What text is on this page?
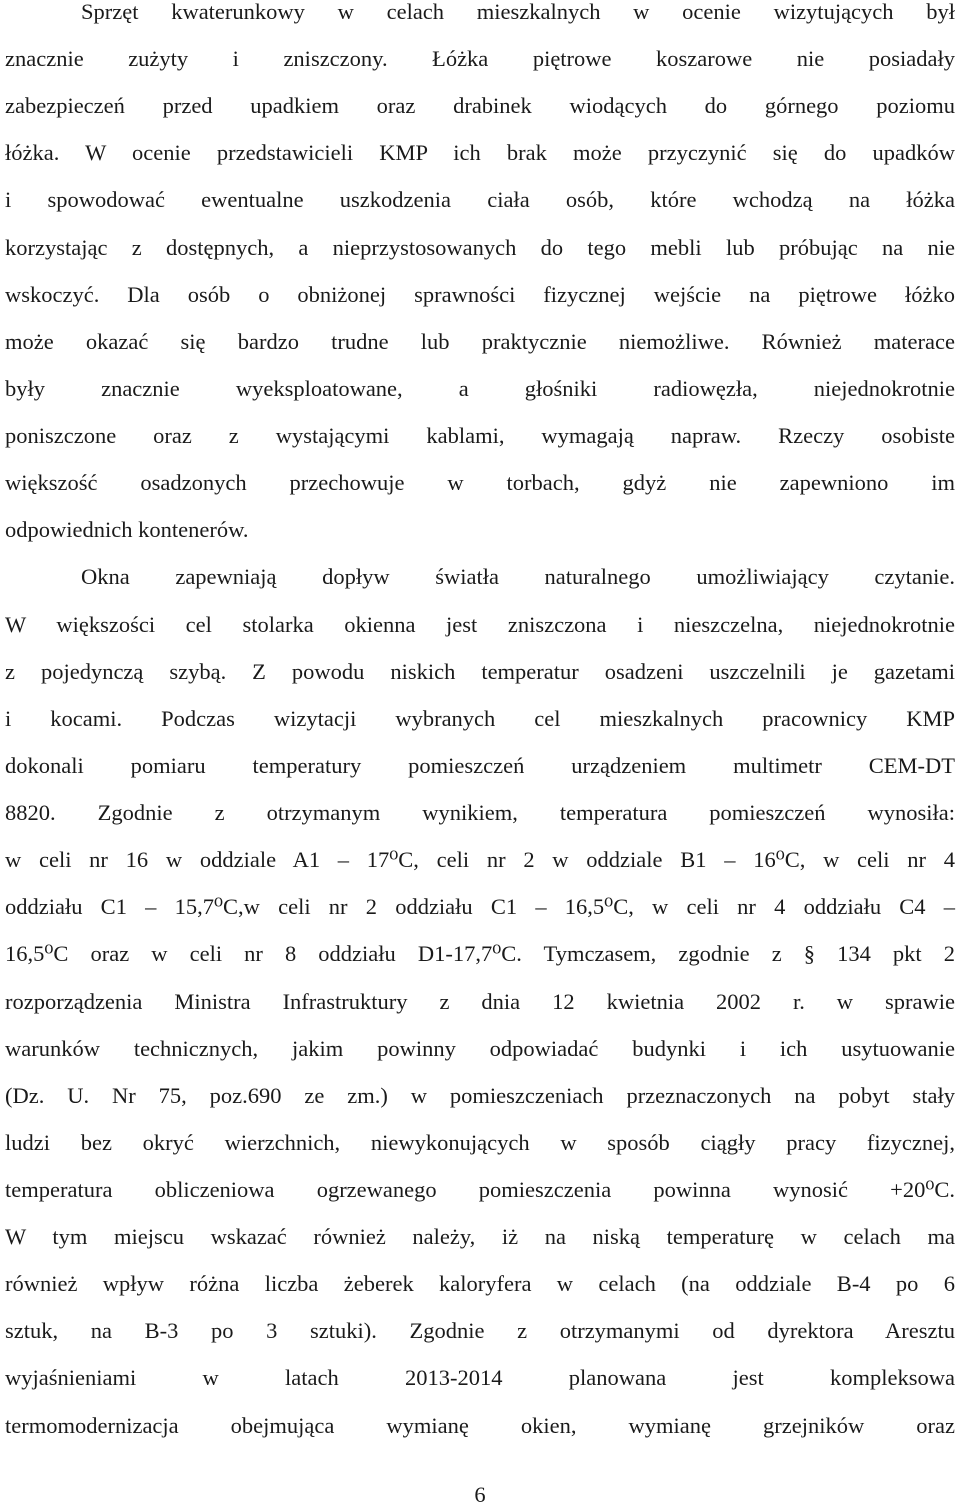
Sprzęt kwaterunkowy w celach mieszkalnych w ocenie wizytujących był
znacznie zużyty i zniszczony. Łóżka piętrowe koszarowe nie posiadały
zabezpieczeń przed upadkiem oraz drabinek wiodących do górnego poziomu
łóżka. W ocenie przedstawicieli KMP ich brak może przyczynić się do upadków
i spowodować ewentualne uszkodzenia ciała osób, które wchodzą na łóżka
korzystając z dostępnych, a nieprzystosowanych do tego mebli lub próbując na nie
wskoczyć. Dla osób o obniżonej sprawności fizycznej wejście na piętrowe łóżko
może okazać się bardzo trudne lub praktycznie niemożliwe. Również materace
były znacznie wyeksploatowane, a głośniki radiowęzła, niejednokrotnie
poniszczone oraz z wystającymi kablami, wymagają napraw. Rzeczy osobiste
większość osadzonych przechowuje w torbach, gdyż nie zapewniono im
odpowiednich kontenerów.
Okna zapewniają dopływ światła naturalnego umożliwiający czytanie.
W większości cel stolarka okienna jest zniszczona i nieszczelna, niejednokrotnie
z pojedynczą szybą. Z powodu niskich temperatur osadzeni uszczelnili je gazetami
i kocami. Podczas wizytacji wybranych cel mieszkalnych pracownicy KMP
dokonali pomiaru temperatury pomieszczeń urządzeniem multimetr CEM-DT
8820. Zgodnie z otrzymanym wynikiem, temperatura pomieszczeń wynosiła:
w celi nr 16 w oddziale A1 – 17⁰C, celi nr 2 w oddziale B1 – 16⁰C, w celi nr 4
oddziału C1 – 15,7⁰C,w celi nr 2 oddziału C1 – 16,5⁰C, w celi nr 4 oddziału C4 –
16,5⁰C oraz w celi nr 8 oddziału D1-17,7⁰C. Tymczasem, zgodnie z § 134 pkt 2
rozporządzenia Ministra Infrastruktury z dnia 12 kwietnia 2002 r. w sprawie
warunków technicznych, jakim powinny odpowiadać budynki i ich usytuowanie
(Dz. U. Nr 75, poz.690 ze zm.) w pomieszczeniach przeznaczonych na pobyt stały
ludzi bez okryć wierzchnich, niewykonujących w sposób ciągły pracy fizycznej,
temperatura obliczeniowa ogrzewanego pomieszczenia powinna wynosić +20⁰C.
W tym miejscu wskazać również należy, iż na niską temperaturę w celach ma
również wpływ różna liczba żeberek kaloryfera w celach (na oddziale B-4 po 6
sztuk, na B-3 po 3 sztuki). Zgodnie z otrzymanymi od dyrektora Aresztu
wyjaśnieniami w latach 2013-2014 planowana jest kompleksowa
termomodernizacja obejmująca wymianę okien, wymianę grzejników oraz
6
